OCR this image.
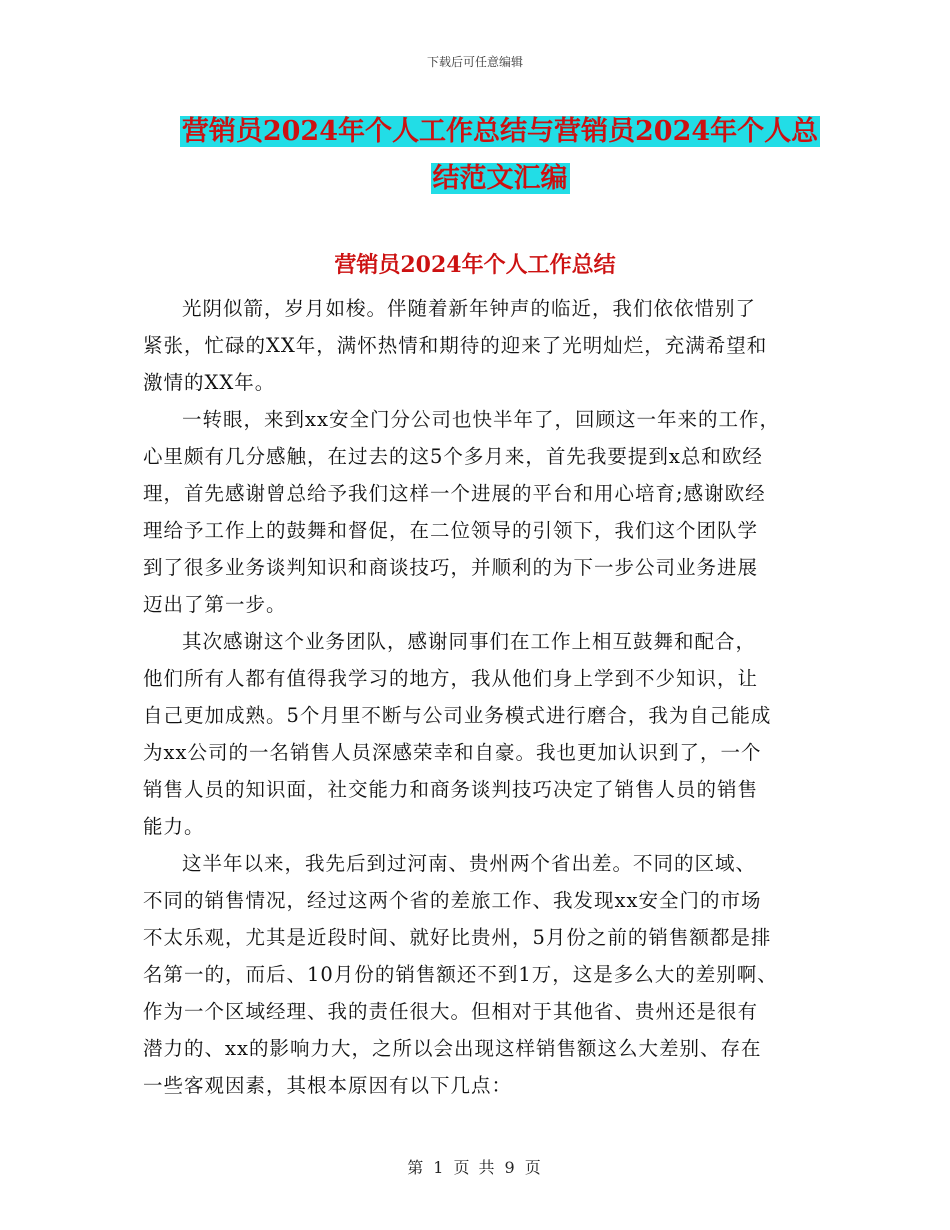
下载后可任意编辑
营销员2024年个人工作总结与营销员2024年个人总
结范文汇编
营销员2024年个人工作总结

光阴似箭，岁月如梭。伴随着新年钟声的临近，我们依依惜别了

紧张，忙碌的XX年，满怀热情和期待的迎来了光明灿烂，充满希望和

激情的XX年。

一转眼，来到xx安全门分公司也快半年了，回顾这一年来的工作，

心里颇有几分感触，在过去的这5个多月来，首先我要提到x总和欧经

理，首先感谢曾总给予我们这样一个进展的平台和用心培育;感谢欧经

理给予工作上的鼓舞和督促，在二位领导的引领下，我们这个团队学

到了很多业务谈判知识和商谈技巧，并顺利的为下一步公司业务进展

迈出了第一步。

其次感谢这个业务团队，感谢同事们在工作上相互鼓舞和配合，

他们所有人都有值得我学习的地方，我从他们身上学到不少知识，让

自己更加成熟。5个月里不断与公司业务模式进行磨合，我为自己能成

为xx公司的一名销售人员深感荣幸和自豪。我也更加认识到了，一个

销售人员的知识面，社交能力和商务谈判技巧决定了销售人员的销售

能力。

这半年以来，我先后到过河南、贵州两个省出差。不同的区域、

不同的销售情况，经过这两个省的差旅工作、我发现xx安全门的市场

不太乐观，尤其是近段时间、就好比贵州，5月份之前的销售额都是排

名第一的，而后、10月份的销售额还不到1万，这是多么大的差别啊、

作为一个区域经理、我的责任很大。但相对于其他省、贵州还是很有

潜力的、xx的影响力大，之所以会出现这样销售额这么大差别、存在

一些客观因素，其根本原因有以下几点：

第 1 页 共 9 页
